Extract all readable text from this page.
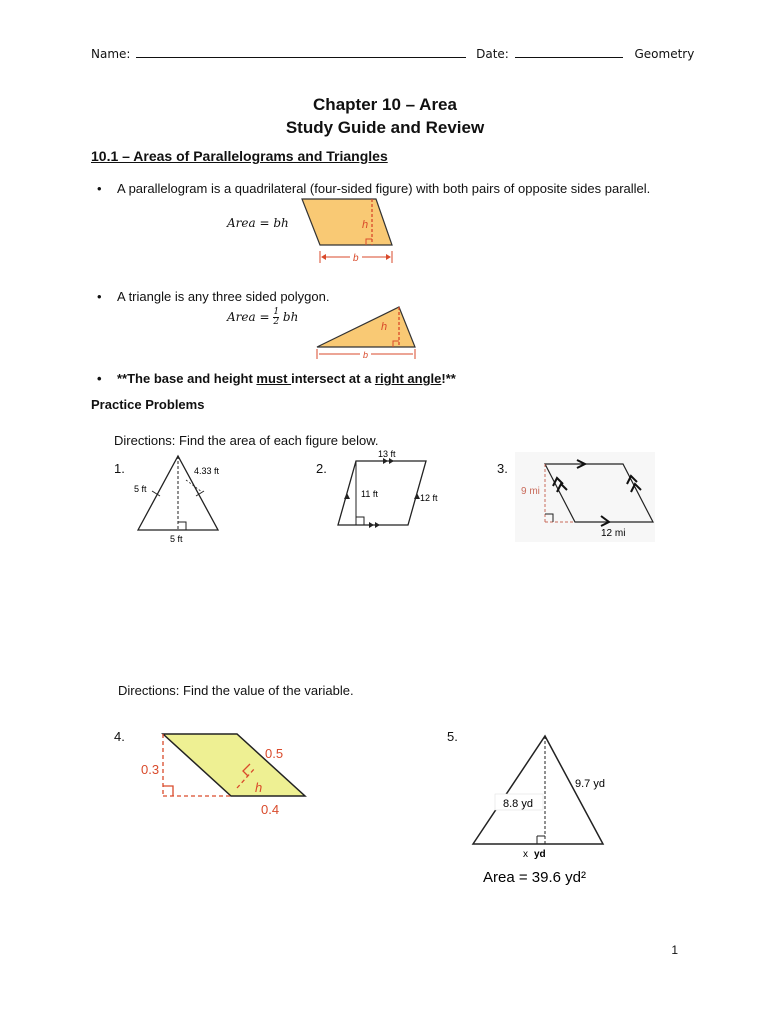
Name:	Date:	Geometry
Chapter 10 – Area
Study Guide and Review
10.1 – Areas of Parallelograms and Triangles
• A parallelogram is a quadrilateral (four-sided figure) with both pairs of opposite sides parallel.
Area = bh	h
b
• A triangle is any three sided polygon.
Area = $\frac{1}{2}$ bh
h
b
• **The base and height must intersect at a right angle!**
Practice Problems
Directions: Find the area of each figure below.
1.	2.	3.
5 ft
4.33 ft
5 ft
13 ft
11 ft	12 ft
9 mi
12 mi
Directions: Find the value of the variable.
4.	5.
0.3
0.5
h
0.4	8.8 yd
9.7 yd
x yd
Area = 39.6 yd²
1
